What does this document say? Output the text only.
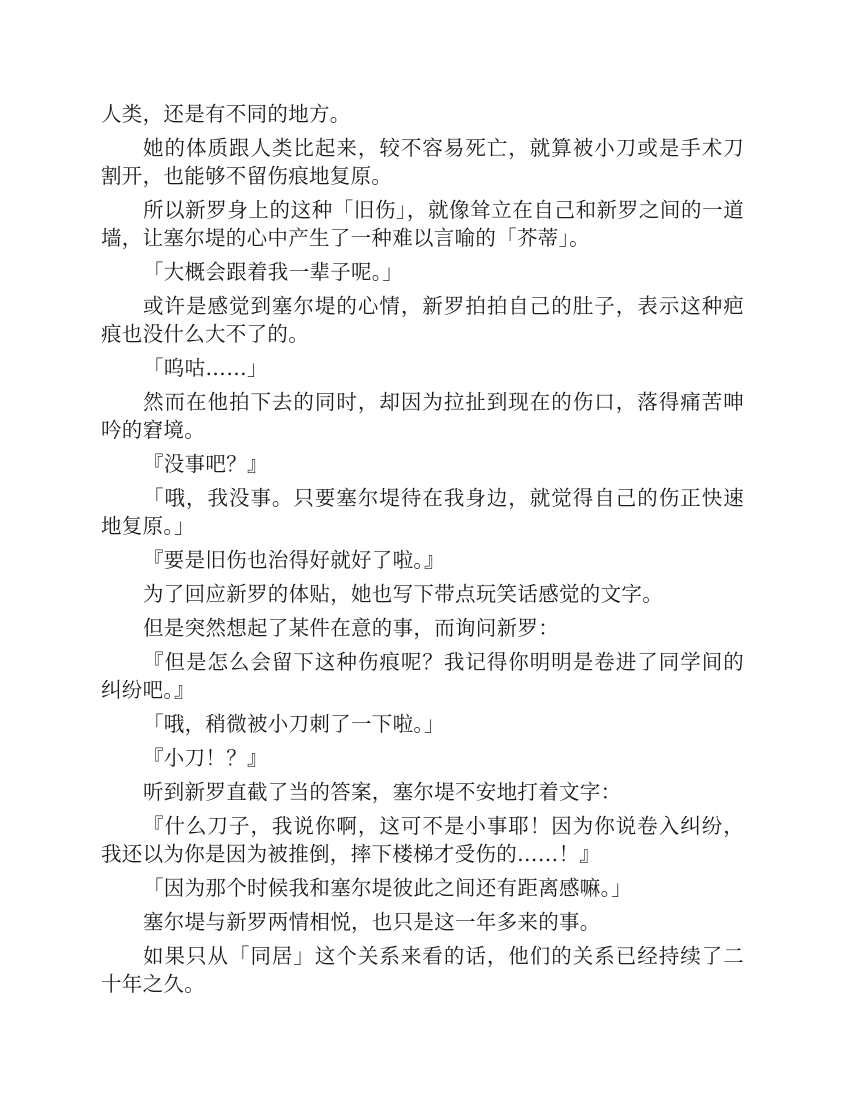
人类，还是有不同的地方。

她的体质跟人类比起来，较不容易死亡，就算被小刀或是手术刀割开，也能够不留伤痕地复原。

所以新罗身上的这种「旧伤」，就像耸立在自己和新罗之间的一道墙，让塞尔堤的心中产生了一种难以言喻的「芥蒂」。

「大概会跟着我一辈子呢。」

或许是感觉到塞尔堤的心情，新罗拍拍自己的肚子，表示这种疤痕也没什么大不了的。

「呜咕……」

然而在他拍下去的同时，却因为拉扯到现在的伤口，落得痛苦呻吟的窘境。

『没事吧？』

「哦，我没事。只要塞尔堤待在我身边，就觉得自己的伤正快速地复原。」

『要是旧伤也治得好就好了啦。』

为了回应新罗的体贴，她也写下带点玩笑话感觉的文字。

但是突然想起了某件在意的事，而询问新罗：

『但是怎么会留下这种伤痕呢？我记得你明明是卷进了同学间的纠纷吧。』

「哦，稍微被小刀刺了一下啦。」

『小刀！？』

听到新罗直截了当的答案，塞尔堤不安地打着文字：

『什么刀子，我说你啊，这可不是小事耶！因为你说卷入纠纷，我还以为你是因为被推倒，摔下楼梯才受伤的……！』

「因为那个时候我和塞尔堤彼此之间还有距离感嘛。」

塞尔堤与新罗两情相悦，也只是这一年多来的事。

如果只从「同居」这个关系来看的话，他们的关系已经持续了二十年之久。
